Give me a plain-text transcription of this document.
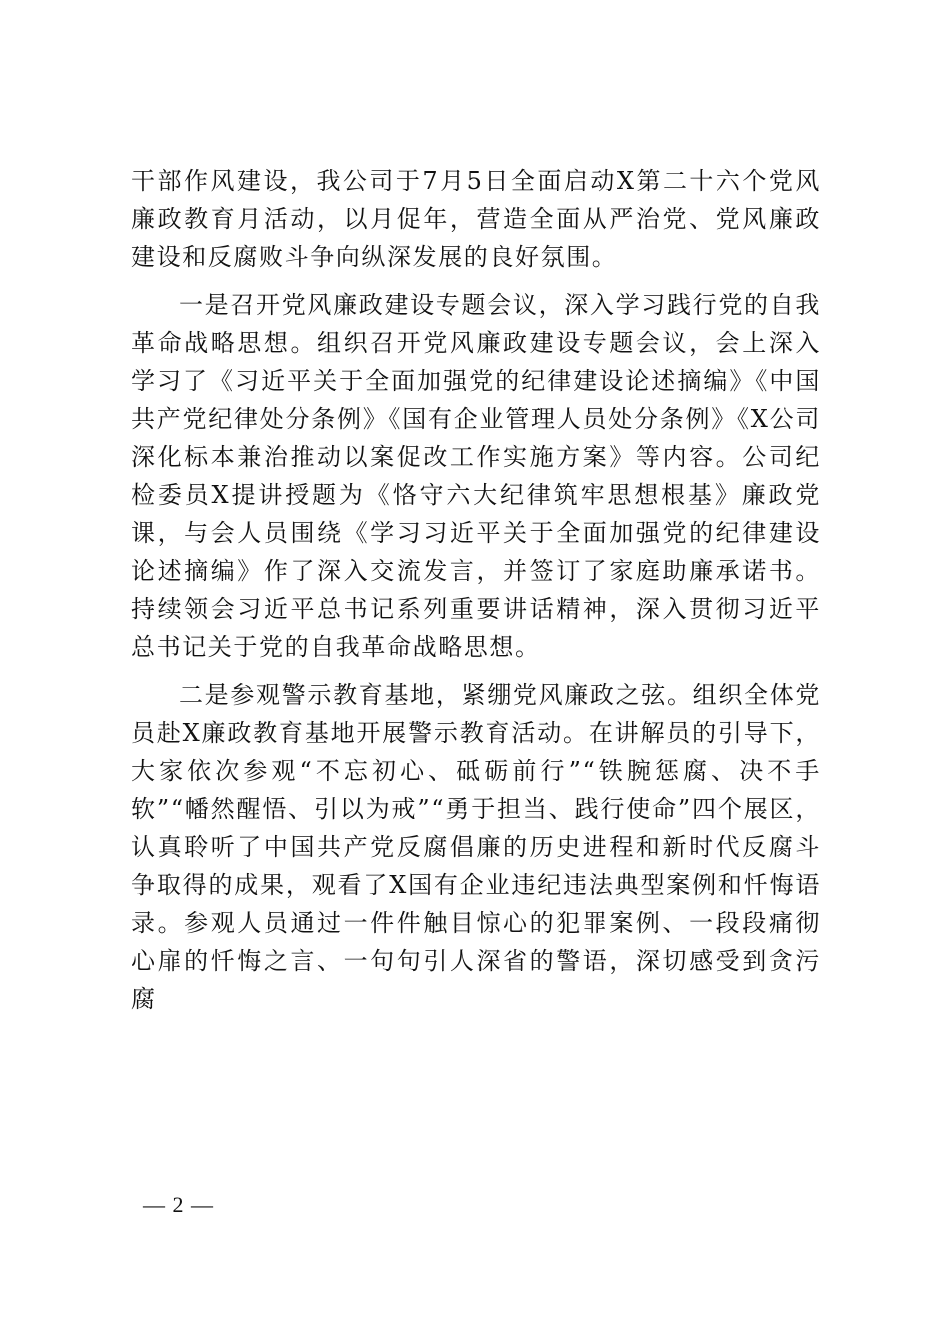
干部作风建设，我公司于7月5日全面启动X第二十六个党风廉政教育月活动，以月促年，营造全面从严治党、党风廉政建设和反腐败斗争向纵深发展的良好氛围。

一是召开党风廉政建设专题会议，深入学习践行党的自我革命战略思想。组织召开党风廉政建设专题会议，会上深入学习了《习近平关于全面加强党的纪律建设论述摘编》《中国共产党纪律处分条例》《国有企业管理人员处分条例》《X公司深化标本兼治推动以案促改工作实施方案》等内容。公司纪检委员X提讲授题为《恪守六大纪律筑牢思想根基》廉政党课，与会人员围绕《学习习近平关于全面加强党的纪律建设论述摘编》作了深入交流发言，并签订了家庭助廉承诺书。持续领会习近平总书记系列重要讲话精神，深入贯彻习近平总书记关于党的自我革命战略思想。

二是参观警示教育基地，紧绷党风廉政之弦。组织全体党员赴X廉政教育基地开展警示教育活动。在讲解员的引导下，大家依次参观“不忘初心、砥砺前行”“铁腕惩腐、决不手软”“幡然醒悟、引以为戒”“勇于担当、践行使命”四个展区，认真聆听了中国共产党反腐倡廉的历史进程和新时代反腐斗争取得的成果，观看了X国有企业违纪违法典型案例和忏悔语录。参观人员通过一件件触目惊心的犯罪案例、一段段痛彻心扉的忏悔之言、一句句引人深省的警语，深切感受到贪污腐

— 2 —
